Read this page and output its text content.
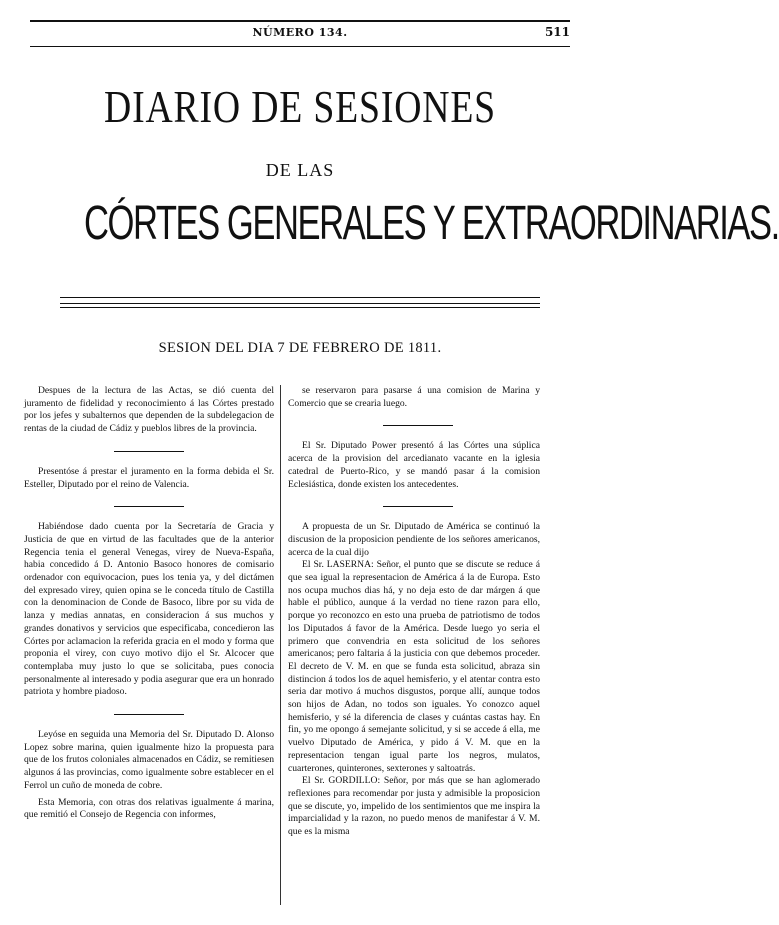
NÚMERO 134.	511
DIARIO DE SESIONES
DE LAS
CÓRTES GENERALES Y EXTRAORDINARIAS.
SESION DEL DIA 7 DE FEBRERO DE 1811.

Despues de la lectura de las Actas, se dió cuenta del juramento de fidelidad y reconocimiento á las Córtes prestado por los jefes y subalternos que dependen de la subdelegacion de rentas de la ciudad de Cádiz y pueblos libres de la provincia.

Presentóse á prestar el juramento en la forma debida el Sr. Esteller, Diputado por el reino de Valencia.

Habiéndose dado cuenta por la Secretaría de Gracia y Justicia de que en virtud de las facultades que de la anterior Regencia tenia el general Venegas, virey de Nueva-España, habia concedido á D. Antonio Basoco honores de comisario ordenador con equivocacion, pues los tenia ya, y del dictámen del expresado virey, quien opina se le conceda título de Castilla con la denominacion de Conde de Basoco, libre por su vida de lanza y medias annatas, en consideracion á sus muchos y grandes donativos y servicios que especificaba, concedieron las Córtes por aclamacion la referida gracia en el modo y forma que proponia el virey, con cuyo motivo dijo el Sr. Alcocer que contemplaba muy justo lo que se solicitaba, pues conocia personalmente al interesado y podia asegurar que era un honrado patriota y hombre piadoso.

Leyóse en seguida una Memoria del Sr. Diputado D. Alonso Lopez sobre marina, quien igualmente hizo la propuesta para que de los frutos coloniales almacenados en Cádiz, se remitiesen algunos á las provincias, como igualmente sobre establecer en el Ferrol un cuño de moneda de cobre.

Esta Memoria, con otras dos relativas igualmente á marina, que remitió el Consejo de Regencia con informes,

se reservaron para pasarse á una comision de Marina y Comercio que se crearia luego.

El Sr. Diputado Power presentó á las Córtes una súplica acerca de la provision del arcedianato vacante en la iglesia catedral de Puerto-Rico, y se mandó pasar á la comision Eclesiástica, donde existen los antecedentes.

A propuesta de un Sr. Diputado de América se continuó la discusion de la proposicion pendiente de los señores americanos, acerca de la cual dijo

El Sr. LASERNA: Señor, el punto que se discute se reduce á que sea igual la representacion de América á la de Europa. Esto nos ocupa muchos dias há, y no deja esto de dar márgen á que hable el público, aunque á la verdad no tiene razon para ello, porque yo reconozco en esto una prueba de patriotismo de todos los Diputados á favor de la América. Desde luego yo seria el primero que convendria en esta solicitud de los señores americanos; pero faltaria á la justicia con que debemos proceder. El decreto de V. M. en que se funda esta solicitud, abraza sin distincion á todos los de aquel hemisferio, y el atentar contra esto seria dar motivo á muchos disgustos, porque allí, aunque todos son hijos de Adan, no todos son iguales. Yo conozco aquel hemisferio, y sé la diferencia de clases y cuántas castas hay. En fin, yo me opongo á semejante solicitud, y si se accede á ella, me vuelvo Diputado de América, y pido á V. M. que en la representacion tengan igual parte los negros, mulatos, cuarterones, quinterones, sexterones y saltoatrás.

El Sr. GORDILLO: Señor, por más que se han aglomerado reflexiones para recomendar por justa y admisible la proposicion que se discute, yo, impelido de los sentimientos que me inspira la imparcialidad y la razon, no puedo menos de manifestar á V. M. que es la misma
